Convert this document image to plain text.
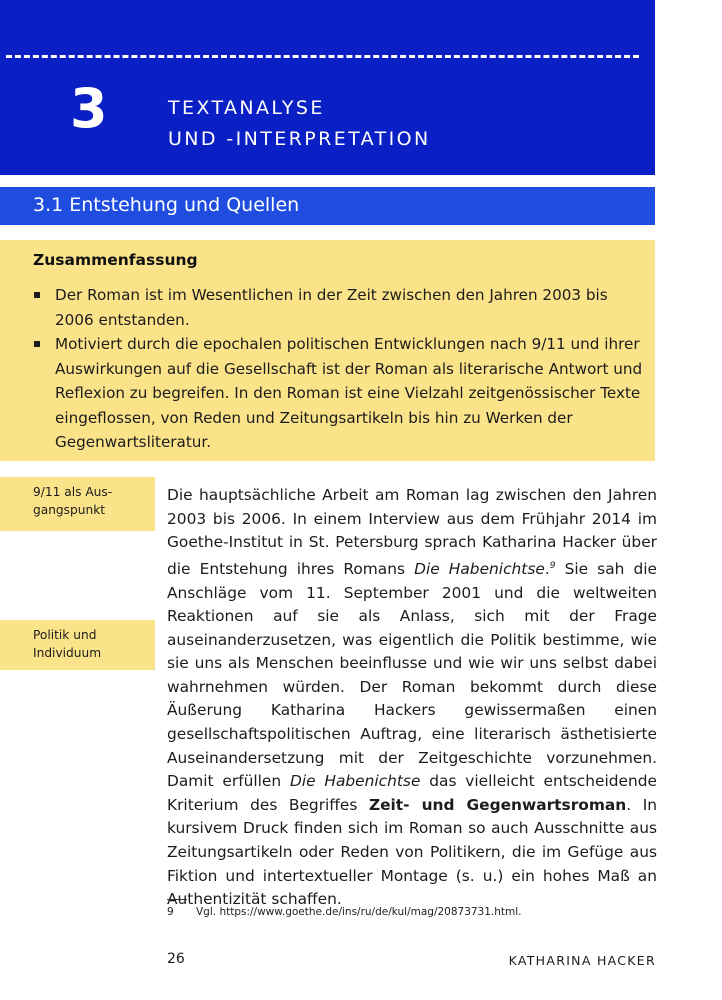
3	TEXTANALYSE
UND -INTERPRETATION
3.1 Entstehung und Quellen
Zusammenfassung
Der Roman ist im Wesentlichen in der Zeit zwischen den Jahren 2003 bis 2006 entstanden.
Motiviert durch die epochalen politischen Entwicklungen nach 9/11 und ihrer Auswirkungen auf die Gesellschaft ist der Roman als literarische Antwort und Reflexion zu begreifen. In den Roman ist eine Vielzahl zeitgenössischer Texte eingeflossen, von Reden und Zeitungsartikeln bis hin zu Werken der Gegenwartsliteratur.
9/11 als Aus-
gangspunkt
Politik und
Individuum

Die hauptsächliche Arbeit am Roman lag zwischen den Jahren 2003 bis 2006. In einem Interview aus dem Frühjahr 2014 im Goethe-Institut in St. Petersburg sprach Katharina Hacker über die Entstehung ihres Romans Die Habenichtse.$^9$ Sie sah die Anschläge vom 11. September 2001 und die weltweiten Reaktionen auf sie als Anlass, sich mit der Frage auseinanderzusetzen, was eigentlich die Politik bestimme, wie sie uns als Menschen beeinflusse und wie wir uns selbst dabei wahrnehmen würden. Der Roman bekommt durch diese Äußerung Katharina Hackers gewissermaßen einen gesellschaftspolitischen Auftrag, eine literarisch ästhetisierte Auseinandersetzung mit der Zeitgeschichte vorzunehmen. Damit erfüllen Die Habenichtse das vielleicht entscheidende Kriterium des Begriffes Zeit- und Gegenwartsroman. In kursivem Druck finden sich im Roman so auch Ausschnitte aus Zeitungsartikeln oder Reden von Politikern, die im Gefüge aus Fiktion und intertextueller Montage (s. u.) ein hohes Maß an Authentizität schaffen.

9 Vgl. https://www.goethe.de/ins/ru/de/kul/mag/20873731.html.
26	KATHARINA HACKER
